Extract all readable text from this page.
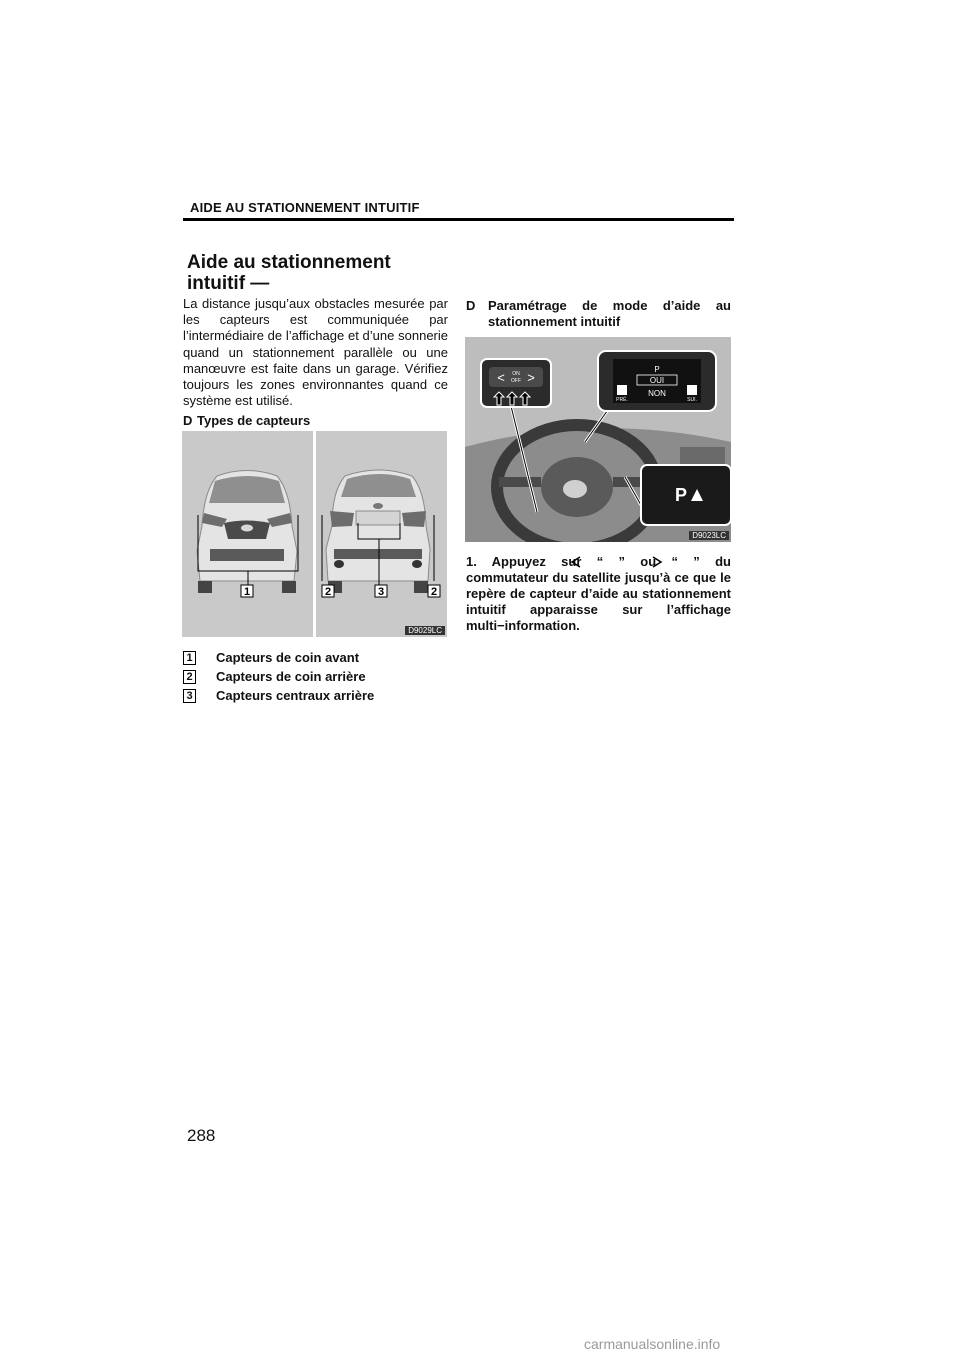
AIDE AU STATIONNEMENT INTUITIF
Aide au stationnement
intuitif —
La distance jusqu’aux obstacles mesurée par les capteurs est communiquée par l’intermédiaire de l’affichage et d’une sonnerie quand un stationnement parallèle ou une manœuvre est faite dans un garage. Vérifiez toujours les zones environnantes quand ce système est utilisé.
D Types de capteurs
1	2	3	2
D9029LC
1 Capteurs de coin avant
2 Capteurs de coin arrière
3 Capteurs centraux arrière
D Paramétrage de mode d’aide au
stationnement intuitif
< >
ON
OFF
P
OUI
NON
PRÉ.	SUI.
P
D9023LC
1. Appuyez sur “ ” ou “ ” du
commutateur du satellite jusqu’à ce que le
repère de capteur d’aide au stationnement
intuitif apparaisse sur l’affichage
multi−information.
288
carmanualsonline.info
